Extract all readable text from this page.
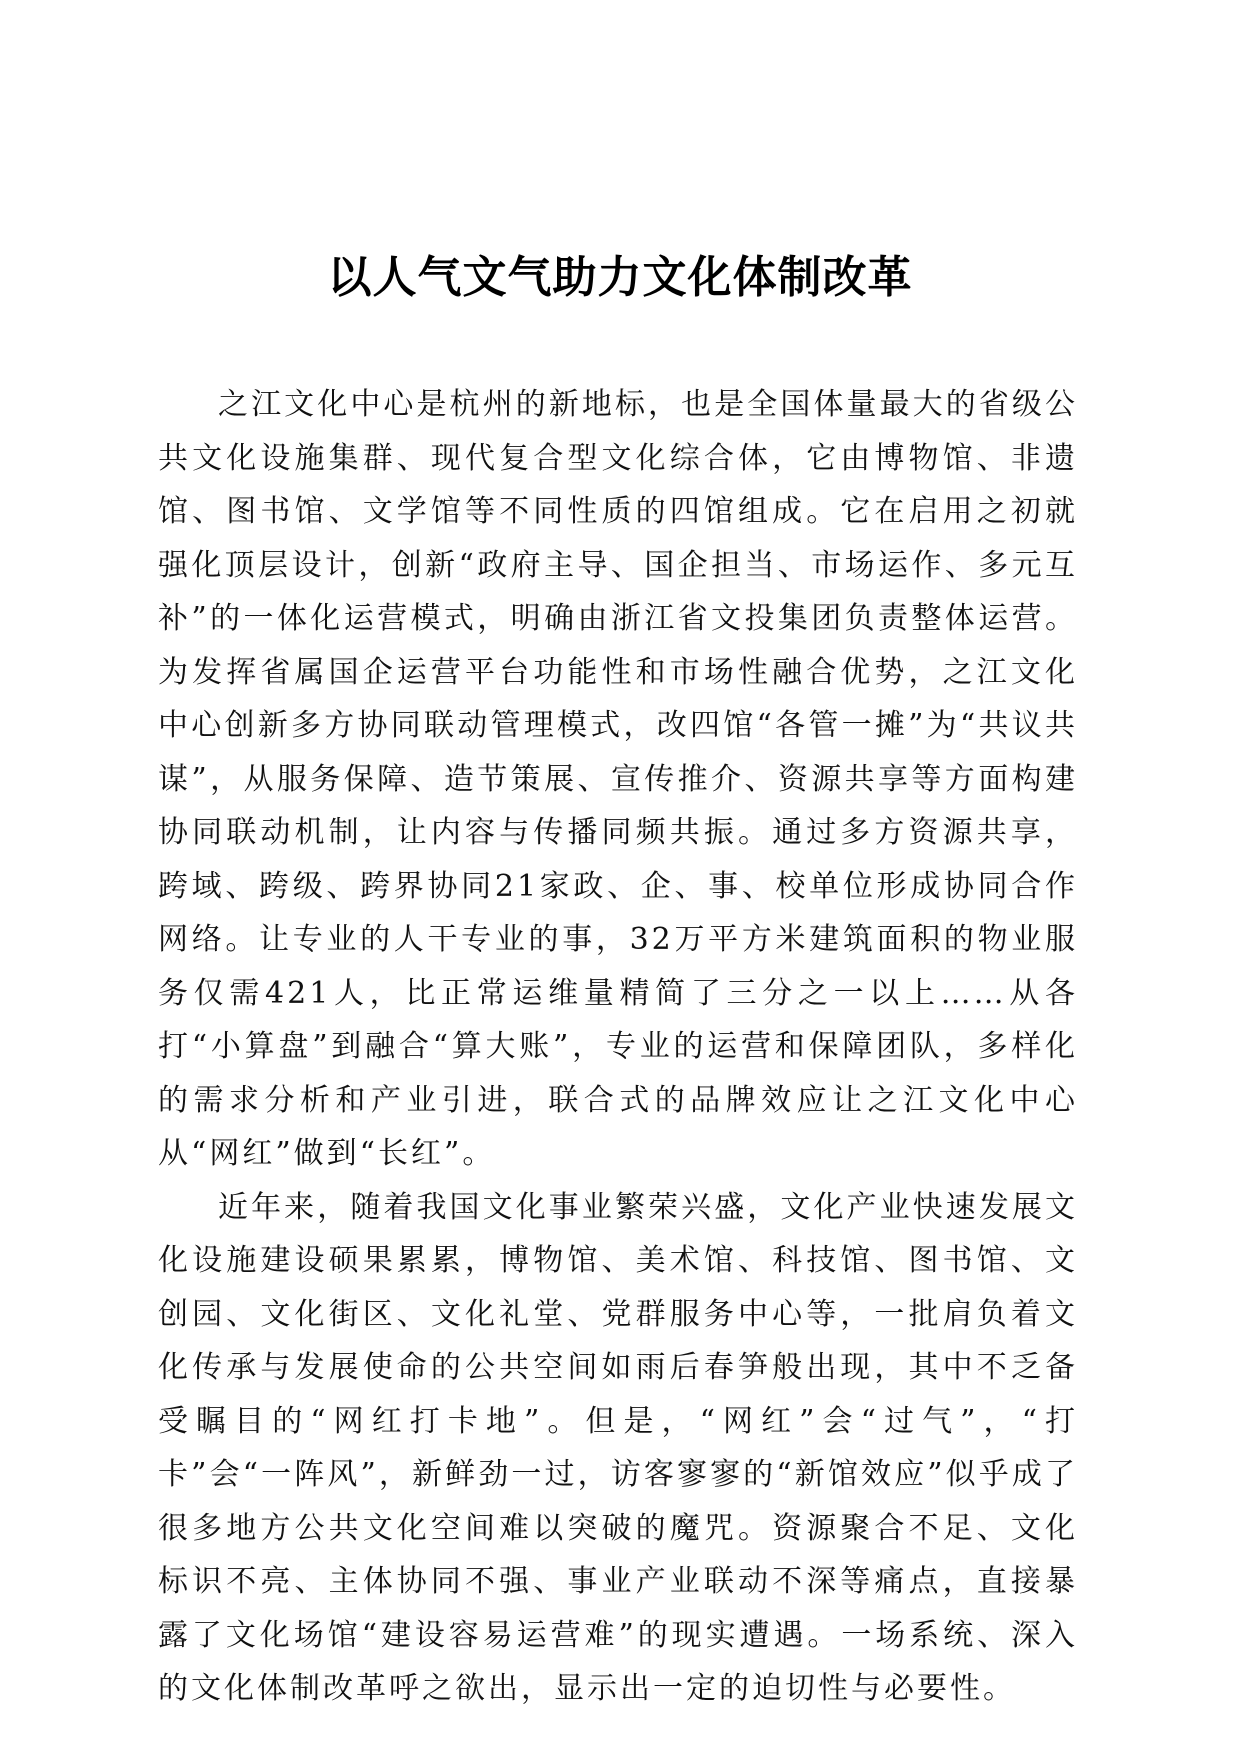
以人气文气助力文化体制改革

之江文化中心是杭州的新地标，也是全国体量最大的省级公共文化设施集群、现代复合型文化综合体，它由博物馆、非遗馆、图书馆、文学馆等不同性质的四馆组成。它在启用之初就强化顶层设计，创新“政府主导、国企担当、市场运作、多元互补”的一体化运营模式，明确由浙江省文投集团负责整体运营。为发挥省属国企运营平台功能性和市场性融合优势，之江文化中心创新多方协同联动管理模式，改四馆“各管一摊”为“共议共谋”，从服务保障、造节策展、宣传推介、资源共享等方面构建协同联动机制，让内容与传播同频共振。通过多方资源共享，跨域、跨级、跨界协同21家政、企、事、校单位形成协同合作网络。让专业的人干专业的事，32万平方米建筑面积的物业服务仅需421人，比正常运维量精简了三分之一以上……从各打“小算盘”到融合“算大账”，专业的运营和保障团队，多样化的需求分析和产业引进，联合式的品牌效应让之江文化中心从“网红”做到“长红”。

近年来，随着我国文化事业繁荣兴盛，文化产业快速发展文化设施建设硕果累累，博物馆、美术馆、科技馆、图书馆、文创园、文化街区、文化礼堂、党群服务中心等，一批肩负着文化传承与发展使命的公共空间如雨后春笋般出现，其中不乏备受瞩目的“网红打卡地”。但是，“网红”会“过气”，“打卡”会“一阵风”，新鲜劲一过，访客寥寥的“新馆效应”似乎成了很多地方公共文化空间难以突破的魔咒。资源聚合不足、文化标识不亮、主体协同不强、事业产业联动不深等痛点，直接暴露了文化场馆“建设容易运营难”的现实遭遇。一场系统、深入的文化体制改革呼之欲出，显示出一定的迫切性与必要性。
